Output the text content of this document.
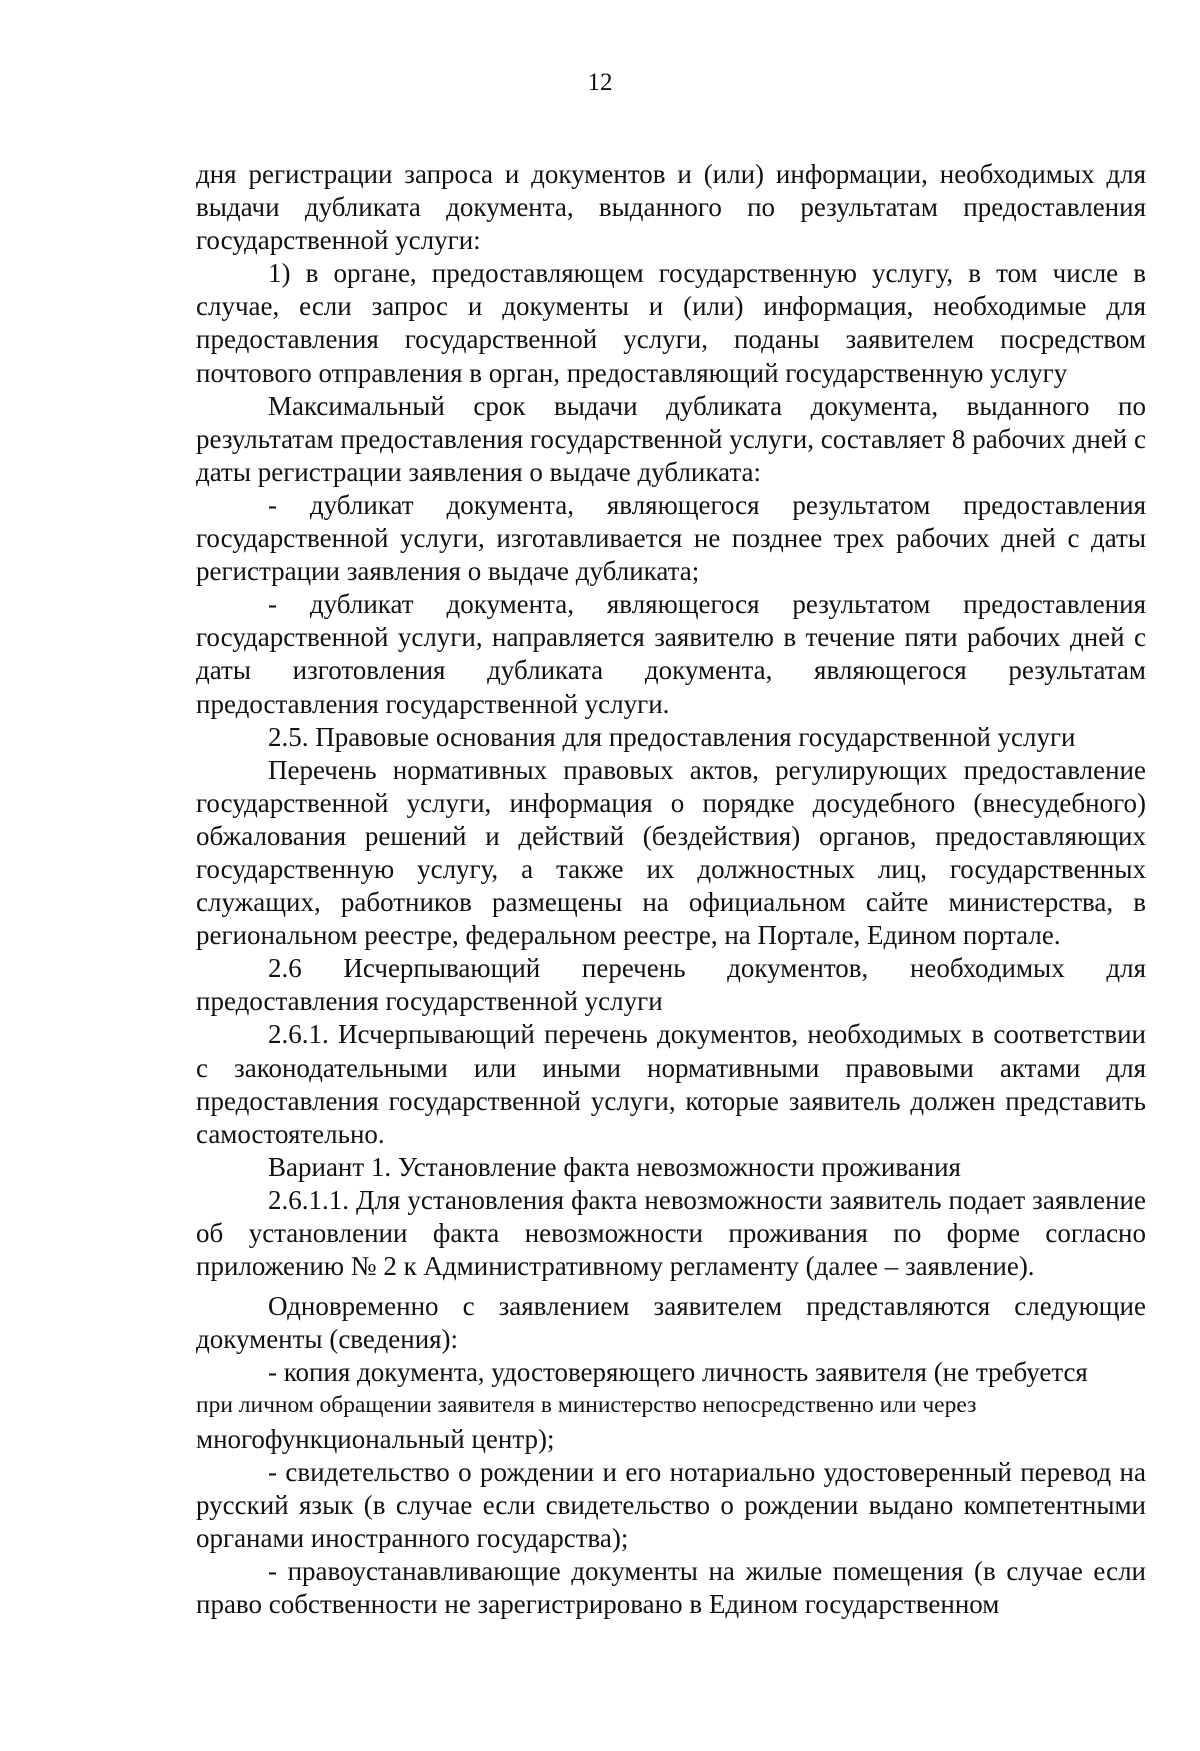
12

дня регистрации запроса и документов и (или) информации, необходимых для выдачи дубликата документа, выданного по результатам предоставления государственной услуги:

1) в органе, предоставляющем государственную услугу, в том числе в случае, если запрос и документы и (или) информация, необходимые для предоставления государственной услуги, поданы заявителем посредством почтового отправления в орган, предоставляющий государственную услугу

Максимальный срок выдачи дубликата документа, выданного по результатам предоставления государственной услуги, составляет 8 рабочих дней с даты регистрации заявления о выдаче дубликата:

- дубликат документа, являющегося результатом предоставления государственной услуги, изготавливается не позднее трех рабочих дней с даты регистрации заявления о выдаче дубликата;

- дубликат документа, являющегося результатом предоставления государственной услуги, направляется заявителю в течение пяти рабочих дней с даты изготовления дубликата документа, являющегося результатам предоставления государственной услуги.

2.5. Правовые основания для предоставления государственной услуги

Перечень нормативных правовых актов, регулирующих предоставление государственной услуги, информация о порядке досудебного (внесудебного) обжалования решений и действий (бездействия) органов, предоставляющих государственную услугу, а также их должностных лиц, государственных служащих, работников размещены на официальном сайте министерства, в региональном реестре, федеральном реестре, на Портале, Едином портале.

2.6 Исчерпывающий перечень документов, необходимых для предоставления государственной услуги

2.6.1. Исчерпывающий перечень документов, необходимых в соответствии с законодательными или иными нормативными правовыми актами для предоставления государственной услуги, которые заявитель должен представить самостоятельно.

Вариант 1. Установление факта невозможности проживания

2.6.1.1. Для установления факта невозможности заявитель подает заявление об установлении факта невозможности проживания по форме согласно приложению № 2 к Административному регламенту (далее – заявление).

Одновременно с заявлением заявителем представляются следующие документы (сведения):

- копия документа, удостоверяющего личность заявителя (не требуется

при личном обращении заявителя в министерство непосредственно или через

многофункциональный центр);

- свидетельство о рождении и его нотариально удостоверенный перевод на русский язык (в случае если свидетельство о рождении выдано компетентными органами иностранного государства);

- правоустанавливающие документы на жилые помещения (в случае если право собственности не зарегистрировано в Едином государственном
